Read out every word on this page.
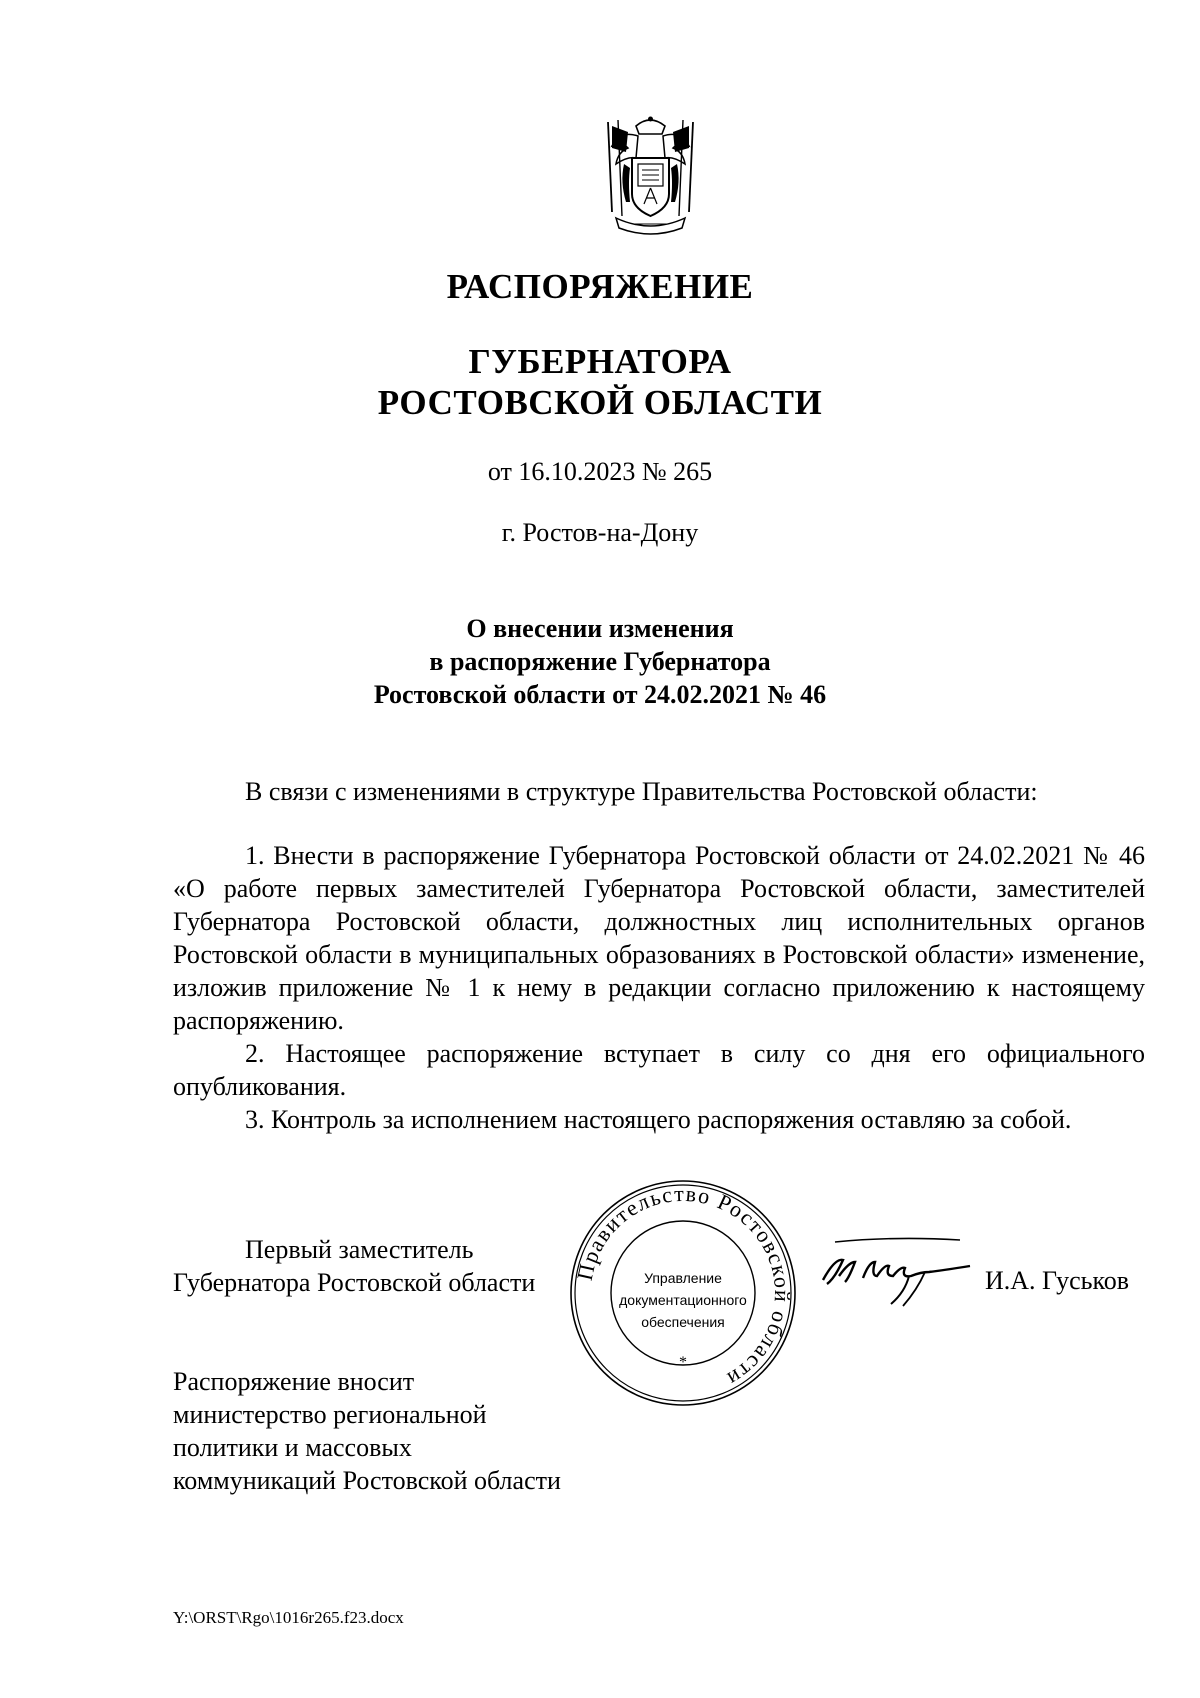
РАСПОРЯЖЕНИЕ
ГУБЕРНАТОРА
РОСТОВСКОЙ ОБЛАСТИ
от 16.10.2023 № 265
г. Ростов-на-Дону
О внесении изменения
в распоряжение Губернатора
Ростовской области от 24.02.2021 № 46
В связи с изменениями в структуре Правительства Ростовской области:

1. Внести в распоряжение Губернатора Ростовской области от 24.02.2021 № 46 «О работе первых заместителей Губернатора Ростовской области, заместителей Губернатора Ростовской области, должностных лиц исполнительных органов Ростовской области в муниципальных образованиях в Ростовской области» изменение, изложив приложение № 1 к нему в редакции согласно приложению к настоящему распоряжению.

2. Настоящее распоряжение вступает в силу со дня его официального опубликования.

3. Контроль за исполнением настоящего распоряжения оставляю за собой.

Правительство Ростовской области
Управление
документационного
обеспечения
*
Первый заместитель
Губернатора Ростовской области	И.А. Гуськов
Распоряжение вносит
министерство региональной
политики и массовых
коммуникаций Ростовской области
Y:\ORST\Rgo\1016r265.f23.docx
